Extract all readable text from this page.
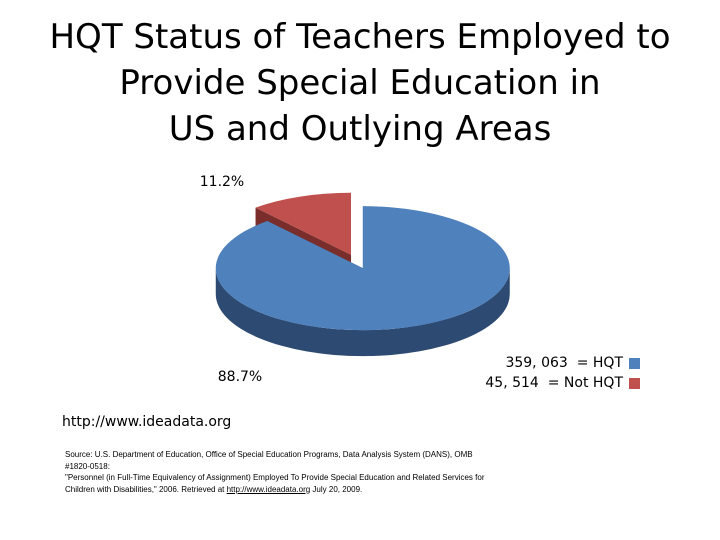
HQT Status of Teachers Employed to
Provide Special Education in
US and Outlying Areas
88.7%
11.2%
359, 063
=
HQT
45, 514
=
Not HQT
http://www.ideadata.org
Source: U.S. Department of Education, Office of Special Education Programs, Data Analysis System (DANS), OMB
#1820-0518:
"Personnel (in Full-Time Equivalency of Assignment) Employed To Provide Special Education and Related Services for
Children with Disabilities," 2006. Retrieved at http://www.ideadata.org July 20, 2009.
